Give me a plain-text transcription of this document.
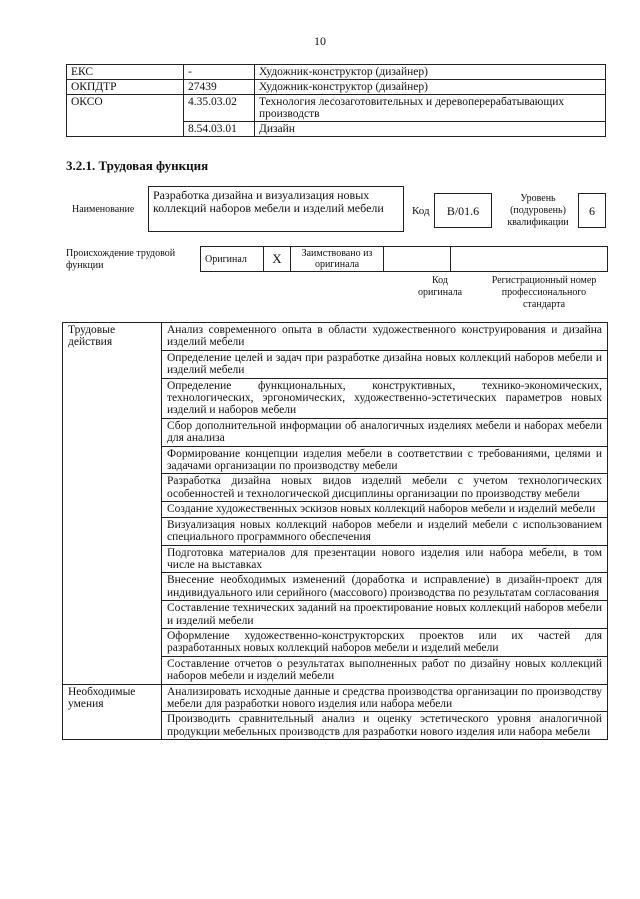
10
ЕКС	-	Художник-конструктор (дизайнер)
ОКПДТР	27439	Художник-конструктор (дизайнер)
ОКСО	4.35.03.02	Технология лесозаготовительных и деревоперерабатывающих производств
	8.54.03.01	Дизайн
3.2.1. Трудовая функция
Наименование
Разработка дизайна и визуализация новых коллекций наборов мебели и изделий мебели	Код	B/01.6
Уровень (подуровень) квалификации
6
Происхождение трудовой функции
Оригинал	X	Заимствовано из оригинала		
Код оригинала
Регистрационный номер профессионального стандарта
Трудовые действия	Анализ современного опыта в области художественного конструирования и дизайна изделий мебели
	Определение целей и задач при разработке дизайна новых коллекций наборов мебели и изделий мебели
	Определение функциональных, конструктивных, технико-экономических, технологических, эргономических, художественно-эстетических параметров новых изделий и наборов мебели
	Сбор дополнительной информации об аналогичных изделиях мебели и наборах мебели для анализа
	Формирование концепции изделия мебели в соответствии с требованиями, целями и задачами организации по производству мебели
	Разработка дизайна новых видов изделий мебели с учетом технологических особенностей и технологической дисциплины организации по производству мебели
	Создание художественных эскизов новых коллекций наборов мебели и изделий мебели
	Визуализация новых коллекций наборов мебели и изделий мебели с использованием специального программного обеспечения
	Подготовка материалов для презентации нового изделия или набора мебели, в том числе на выставках
	Внесение необходимых изменений (доработка и исправление) в дизайн-проект для индивидуального или серийного (массового) производства по результатам согласования
	Составление технических заданий на проектирование новых коллекций наборов мебели и изделий мебели
	Оформление художественно-конструкторских проектов или их частей для разработанных новых коллекций наборов мебели и изделий мебели
	Составление отчетов о результатах выполненных работ по дизайну новых коллекций наборов мебели и изделий мебели
Необходимые умения	Анализировать исходные данные и средства производства организации по производству мебели для разработки нового изделия или набора мебели
	Производить сравнительный анализ и оценку эстетического уровня аналогичной продукции мебельных производств для разработки нового изделия или набора мебели
